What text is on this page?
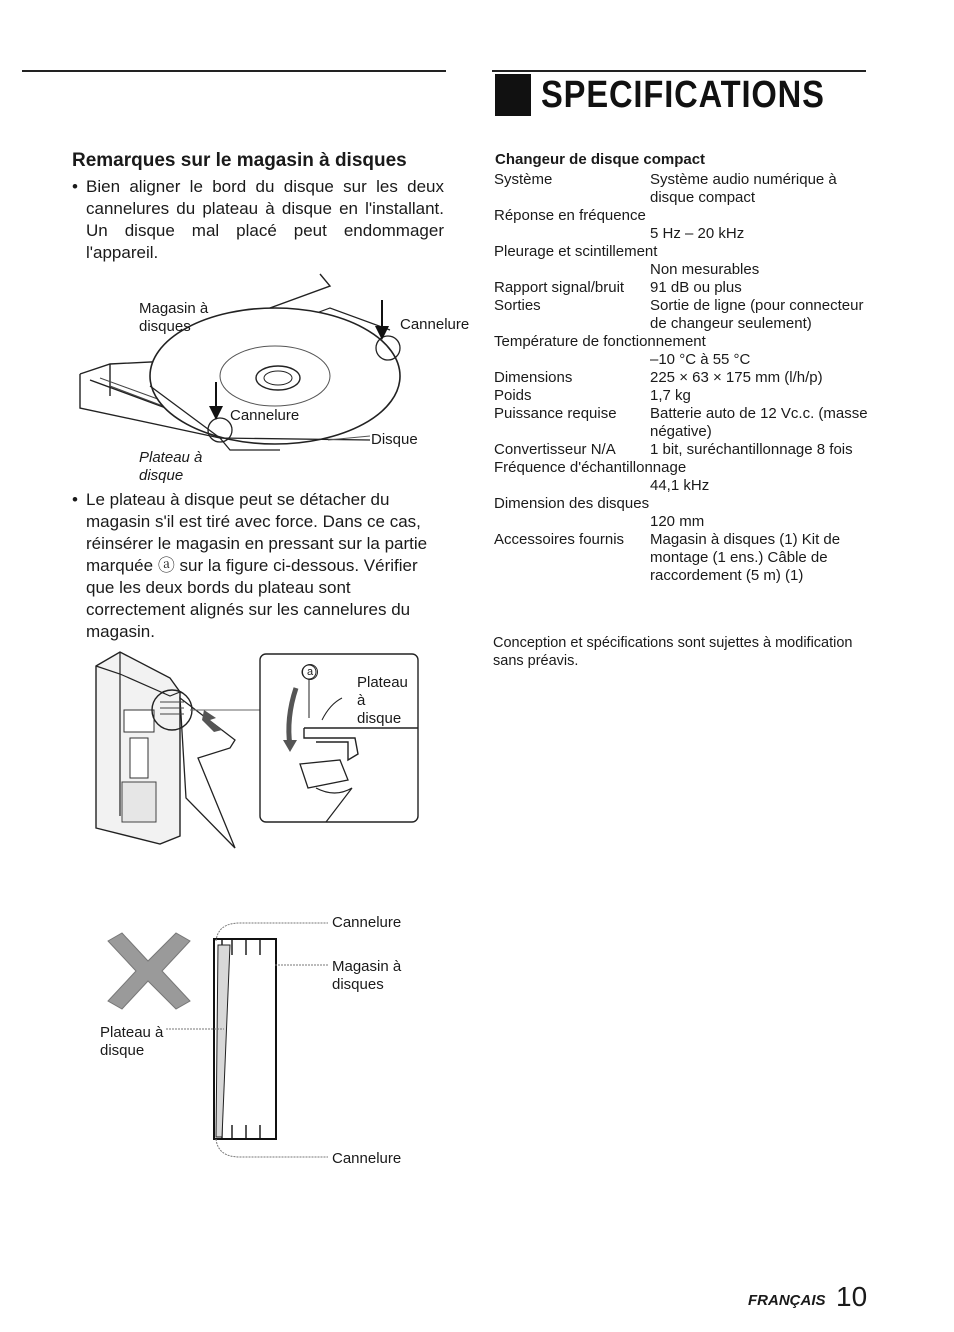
SPECIFICATIONS
Remarques sur le magasin à disques
• Bien aligner le bord du disque sur les deux cannelures du plateau à disque en l'installant. Un disque mal placé peut endommager l'appareil.
Magasin à disques	Cannelure
Cannelure
Disque
Plateau à disque
• Le plateau à disque peut se détacher du magasin s'il est tiré avec force. Dans ce cas, réinsérer le magasin en pressant sur la partie marquée ⓐ sur la figure ci-dessous. Vérifier que les deux bords du plateau sont correctement alignés sur les cannelures du magasin.
a
Plateau à disque
Cannelure
Magasin à disques
Plateau à disque
Cannelure
Changeur de disque compact
Système	Système audio numérique à disque compact
Réponse en fréquence
5 Hz – 20 kHz
Pleurage et scintillement
Non mesurables
Rapport signal/bruit 91 dB ou plus
Sorties	Sortie de ligne (pour connecteur de changeur seulement)
Température de fonctionnement
–10 °C à 55 °C
Dimensions	225 × 63 × 175 mm (l/h/p)
Poids	1,7 kg
Puissance requise Batterie auto de 12 Vc.c. (masse négative)
Convertisseur N/A 1 bit, suréchantillonnage 8 fois
Fréquence d'échantillonnage
44,1 kHz
Dimension des disques
120 mm
Accessoires fournis Magasin à disques (1) Kit de montage (1 ens.) Câble de raccordement (5 m) (1)
Conception et spécifications sont sujettes à modification sans préavis.
FRANÇAIS 10
